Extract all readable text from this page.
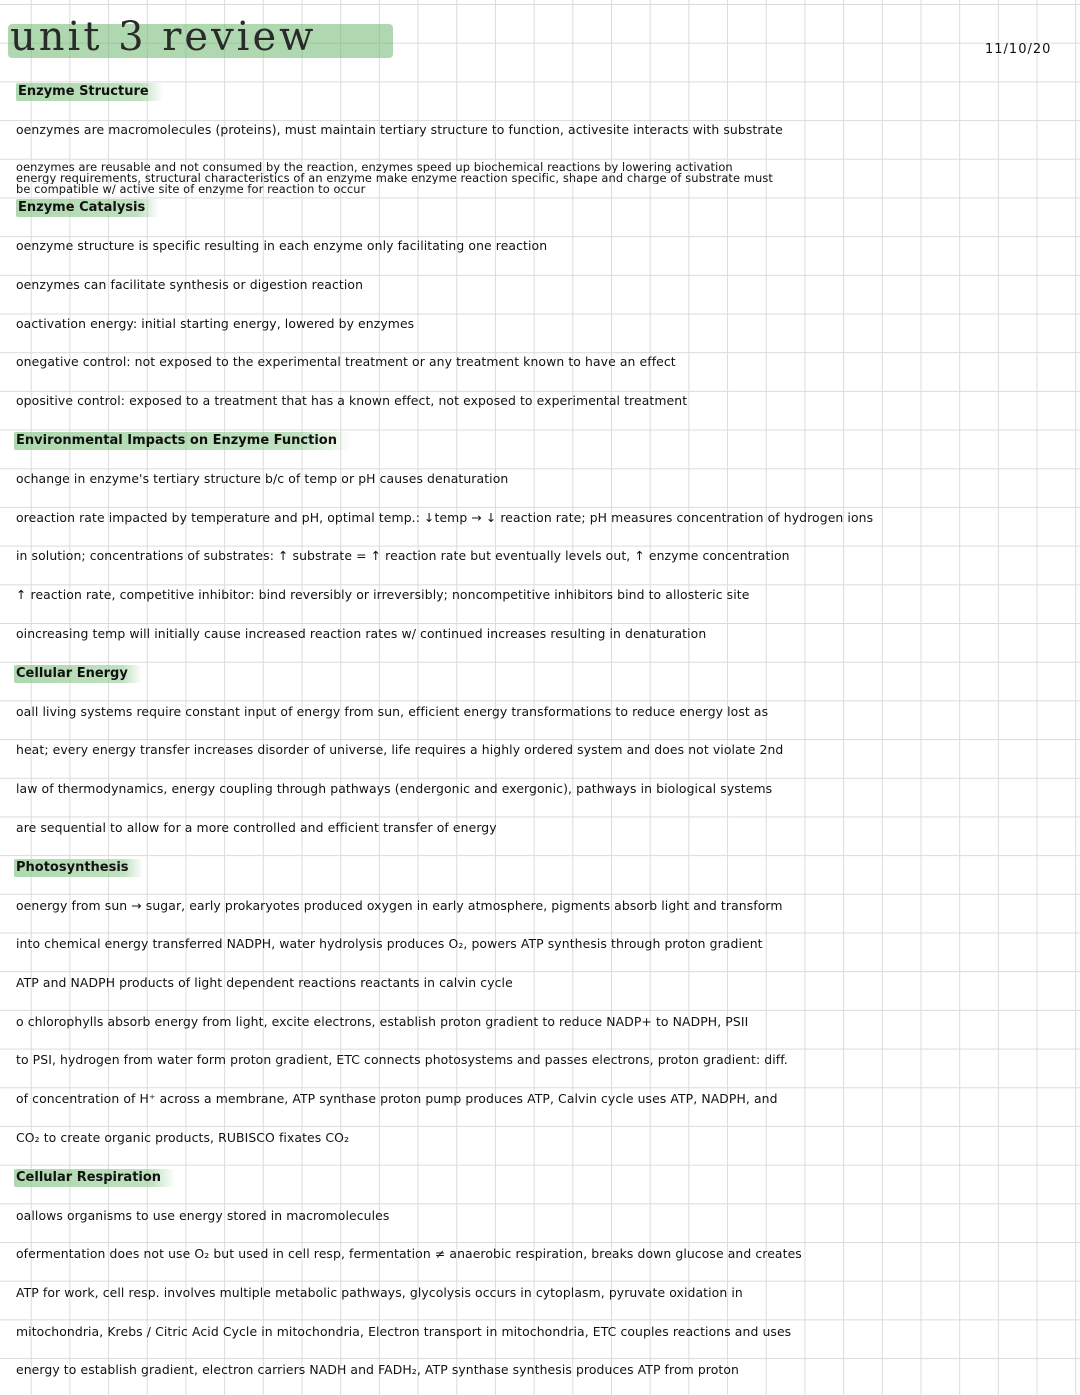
unit 3 review	11/10/20
Enzyme Structure
oenzymes are macromolecules (proteins), must maintain tertiary structure to function, activesite interacts with substrate
oenzymes are reusable and not consumed by the reaction, enzymes speed up biochemical reactions by lowering activation
energy requirements, structural characteristics of an enzyme make enzyme reaction specific, shape and charge of substrate must
be compatible w/ active site of enzyme for reaction to occur
Enzyme Catalysis
oenzyme structure is specific resulting in each enzyme only facilitating one reaction
oenzymes can facilitate synthesis or digestion reaction
oactivation energy: initial starting energy, lowered by enzymes
onegative control: not exposed to the experimental treatment or any treatment known to have an effect
opositive control: exposed to a treatment that has a known effect, not exposed to experimental treatment
Environmental Impacts on Enzyme Function
ochange in enzyme's tertiary structure b/c of temp or pH causes denaturation
oreaction rate impacted by temperature and pH, optimal temp.: ↓temp → ↓ reaction rate; pH measures concentration of hydrogen ions
in solution; concentrations of substrates: ↑ substrate = ↑ reaction rate but eventually levels out, ↑ enzyme concentration
↑ reaction rate, competitive inhibitor: bind reversibly or irreversibly; noncompetitive inhibitors bind to allosteric site
oincreasing temp will initially cause increased reaction rates w/ continued increases resulting in denaturation
Cellular Energy
oall living systems require constant input of energy from sun, efficient energy transformations to reduce energy lost as
heat; every energy transfer increases disorder of universe, life requires a highly ordered system and does not violate 2nd
law of thermodynamics, energy coupling through pathways (endergonic and exergonic), pathways in biological systems
are sequential to allow for a more controlled and efficient transfer of energy
Photosynthesis
oenergy from sun → sugar, early prokaryotes produced oxygen in early atmosphere, pigments absorb light and transform
into chemical energy transferred NADPH, water hydrolysis produces O₂, powers ATP synthesis through proton gradient
ATP and NADPH products of light dependent reactions reactants in calvin cycle
o chlorophylls absorb energy from light, excite electrons, establish proton gradient to reduce NADP+ to NADPH, PSII
to PSI, hydrogen from water form proton gradient, ETC connects photosystems and passes electrons, proton gradient: diff.
of concentration of H⁺ across a membrane, ATP synthase proton pump produces ATP, Calvin cycle uses ATP, NADPH, and
CO₂ to create organic products, RUBISCO fixates CO₂
Cellular Respiration
oallows organisms to use energy stored in macromolecules
ofermentation does not use O₂ but used in cell resp, fermentation ≠ anaerobic respiration, breaks down glucose and creates
ATP for work, cell resp. involves multiple metabolic pathways, glycolysis occurs in cytoplasm, pyruvate oxidation in
mitochondria, Krebs / Citric Acid Cycle in mitochondria, Electron transport in mitochondria, ETC couples reactions and uses
energy to establish gradient, electron carriers NADH and FADH₂, ATP synthase synthesis produces ATP from proton
